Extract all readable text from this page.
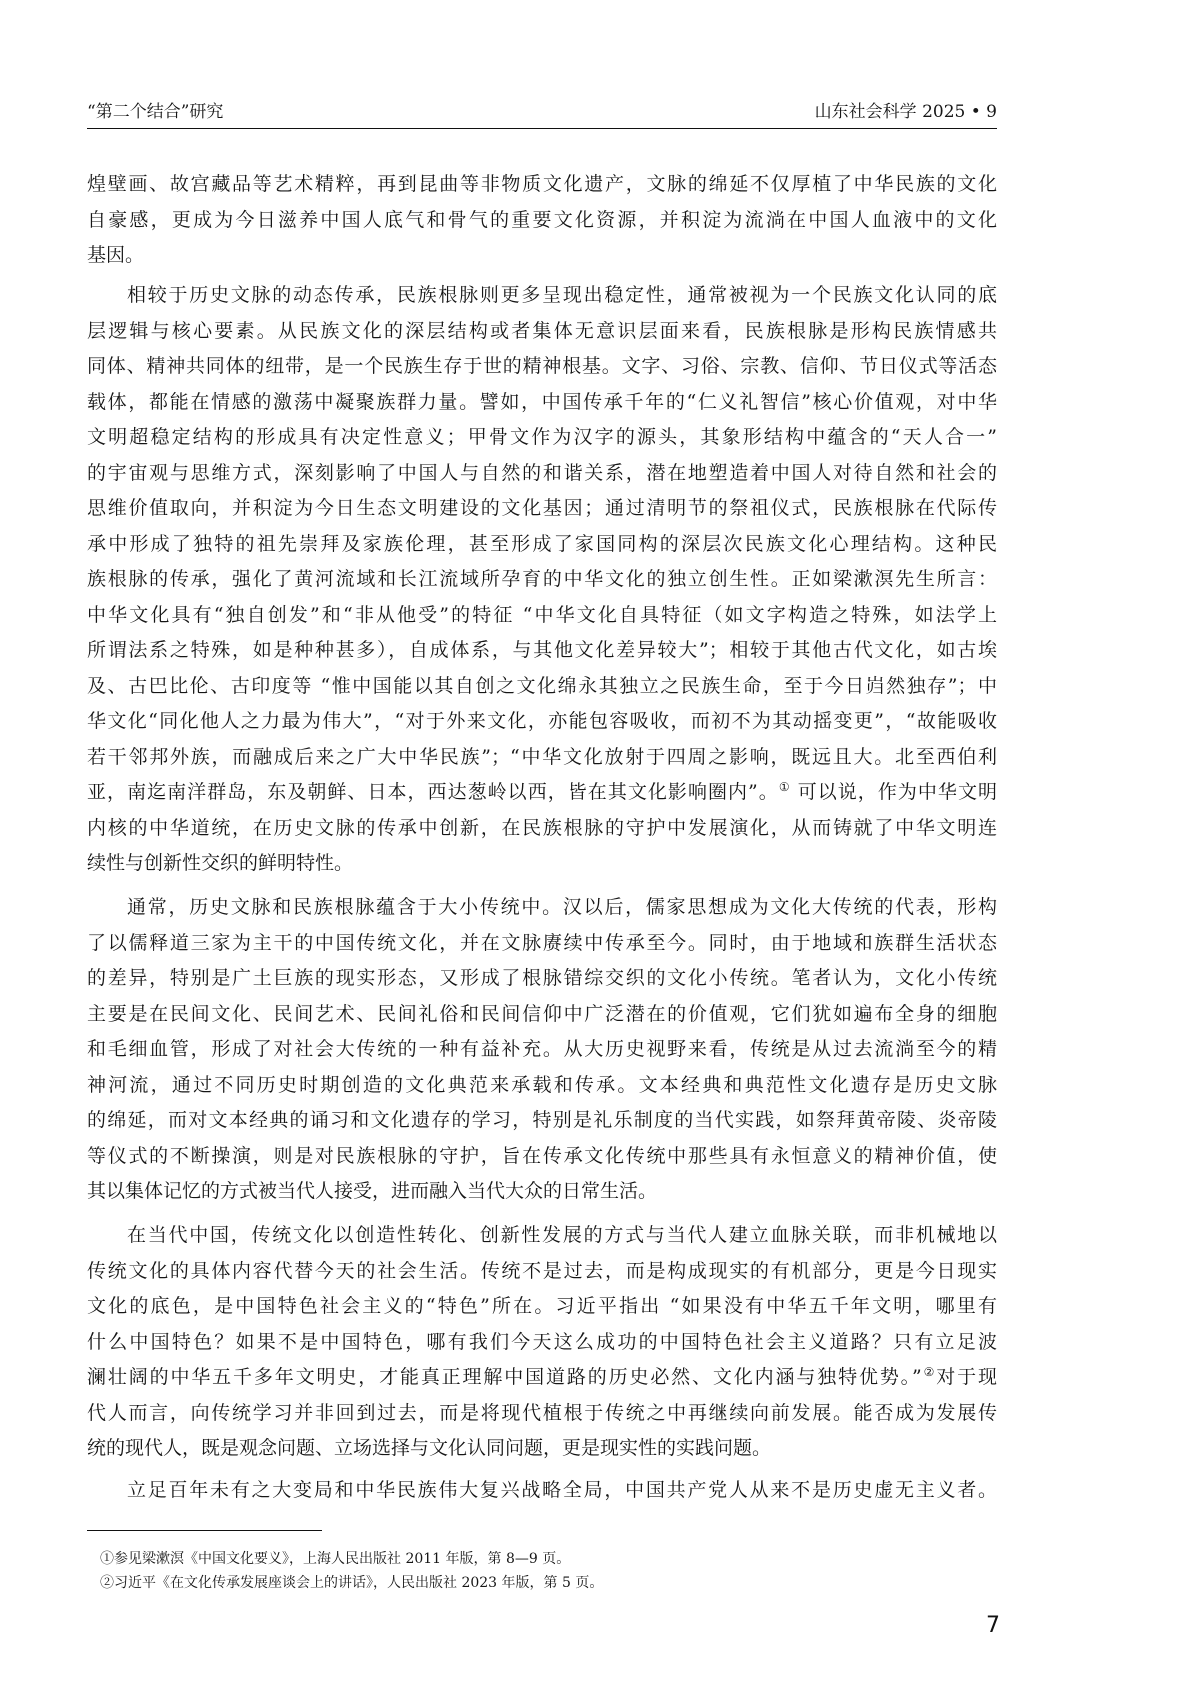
“第二个结合”研究	山东社会科学 2025 • 9
煌壁画、故宫藏品等艺术精粹，再到昆曲等非物质文化遗产，文脉的绵延不仅厚植了中华民族的文化
自豪感，更成为今日滋养中国人底气和骨气的重要文化资源，并积淀为流淌在中国人血液中的文化
基因。
相较于历史文脉的动态传承，民族根脉则更多呈现出稳定性，通常被视为一个民族文化认同的底
层逻辑与核心要素。从民族文化的深层结构或者集体无意识层面来看，民族根脉是形构民族情感共
同体、精神共同体的纽带，是一个民族生存于世的精神根基。文字、习俗、宗教、信仰、节日仪式等活态
载体，都能在情感的激荡中凝聚族群力量。譬如，中国传承千年的“仁义礼智信”核心价值观，对中华
文明超稳定结构的形成具有决定性意义；甲骨文作为汉字的源头，其象形结构中蕴含的“天人合一”
的宇宙观与思维方式，深刻影响了中国人与自然的和谐关系，潜在地塑造着中国人对待自然和社会的
思维价值取向，并积淀为今日生态文明建设的文化基因；通过清明节的祭祖仪式，民族根脉在代际传
承中形成了独特的祖先崇拜及家族伦理，甚至形成了家国同构的深层次民族文化心理结构。这种民
族根脉的传承，强化了黄河流域和长江流域所孕育的中华文化的独立创生性。正如梁漱溟先生所言：
中华文化具有“独自创发”和“非从他受”的特征 “中华文化自具特征（如文字构造之特殊，如法学上
所谓法系之特殊，如是种种甚多），自成体系，与其他文化差异较大”；相较于其他古代文化，如古埃
及、古巴比伦、古印度等 “惟中国能以其自创之文化绵永其独立之民族生命，至于今日岿然独存”；中
华文化“同化他人之力最为伟大”，“对于外来文化，亦能包容吸收，而初不为其动摇变更”，“故能吸收
若干邻邦外族，而融成后来之广大中华民族”；“中华文化放射于四周之影响，既远且大。北至西伯利
亚，南迄南洋群岛，东及朝鲜、日本，西达葱岭以西，皆在其文化影响圈内”。① 可以说，作为中华文明
内核的中华道统，在历史文脉的传承中创新，在民族根脉的守护中发展演化，从而铸就了中华文明连
续性与创新性交织的鲜明特性。
通常，历史文脉和民族根脉蕴含于大小传统中。汉以后，儒家思想成为文化大传统的代表，形构
了以儒释道三家为主干的中国传统文化，并在文脉赓续中传承至今。同时，由于地域和族群生活状态
的差异，特别是广土巨族的现实形态，又形成了根脉错综交织的文化小传统。笔者认为，文化小传统
主要是在民间文化、民间艺术、民间礼俗和民间信仰中广泛潜在的价值观，它们犹如遍布全身的细胞
和毛细血管，形成了对社会大传统的一种有益补充。从大历史视野来看，传统是从过去流淌至今的精
神河流，通过不同历史时期创造的文化典范来承载和传承。文本经典和典范性文化遗存是历史文脉
的绵延，而对文本经典的诵习和文化遗存的学习，特别是礼乐制度的当代实践，如祭拜黄帝陵、炎帝陵
等仪式的不断操演，则是对民族根脉的守护，旨在传承文化传统中那些具有永恒意义的精神价值，使
其以集体记忆的方式被当代人接受，进而融入当代大众的日常生活。
在当代中国，传统文化以创造性转化、创新性发展的方式与当代人建立血脉关联，而非机械地以
传统文化的具体内容代替今天的社会生活。传统不是过去，而是构成现实的有机部分，更是今日现实
文化的底色，是中国特色社会主义的“特色”所在。习近平指出 “如果没有中华五千年文明，哪里有
什么中国特色？如果不是中国特色，哪有我们今天这么成功的中国特色社会主义道路？只有立足波
澜壮阔的中华五千多年文明史，才能真正理解中国道路的历史必然、文化内涵与独特优势。”②对于现
代人而言，向传统学习并非回到过去，而是将现代植根于传统之中再继续向前发展。能否成为发展传
统的现代人，既是观念问题、立场选择与文化认同问题，更是现实性的实践问题。
立足百年未有之大变局和中华民族伟大复兴战略全局，中国共产党人从来不是历史虚无主义者。
①参见梁漱溟《中国文化要义》，上海人民出版社 2011 年版，第 8—9 页。
②习近平《在文化传承发展座谈会上的讲话》，人民出版社 2023 年版，第 5 页。
7
